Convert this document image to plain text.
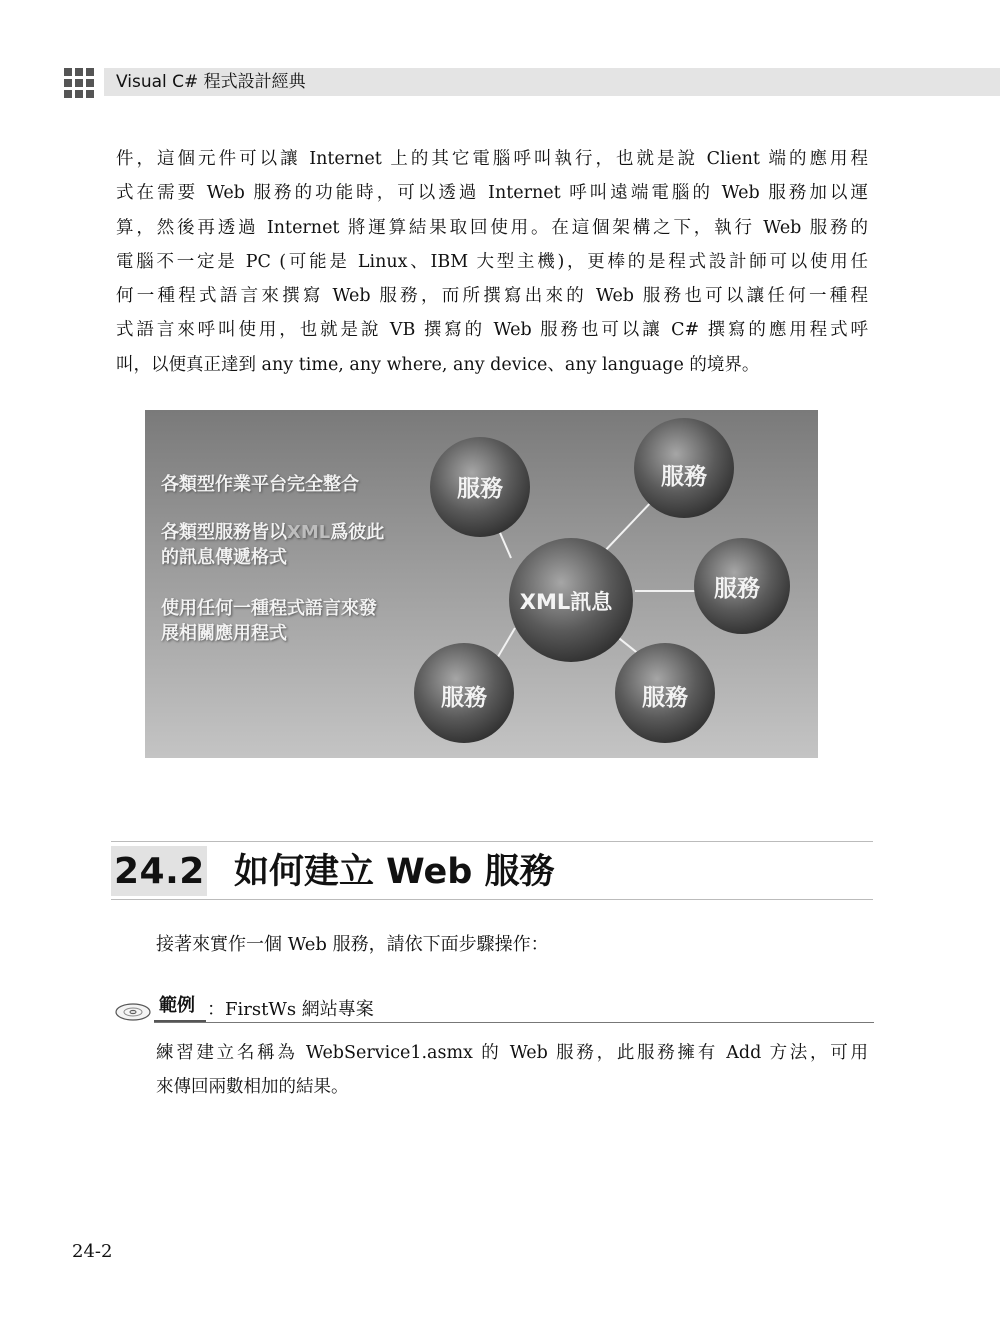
Visual C# 程式設計經典
件，這個元件可以讓 Internet 上的其它電腦呼叫執行，也就是說 Client 端的應用程
式在需要 Web 服務的功能時，可以透過 Internet 呼叫遠端電腦的 Web 服務加以運
算，然後再透過 Internet 將運算結果取回使用。在這個架構之下，執行 Web 服務的
電腦不一定是 PC (可能是 Linux、IBM 大型主機)，更棒的是程式設計師可以使用任
何一種程式語言來撰寫 Web 服務，而所撰寫出來的 Web 服務也可以讓任何一種程
式語言來呼叫使用，也就是說 VB 撰寫的 Web 服務也可以讓 C# 撰寫的應用程式呼
叫，以便真正達到 any time, any where, any device、any language 的境界。
服務	服務
服務
服務	服務
XML訊息
各類型作業平台完全整合
各類型服務皆以XML爲彼此
的訊息傳遞格式
使用任何一種程式語言來發
展相關應用程式
24.2 如何建立 Web 服務
接著來實作一個 Web 服務，請依下面步驟操作：
範例 ：FirstWs 網站專案
練習建立名稱為 WebService1.asmx 的 Web 服務，此服務擁有 Add 方法，可用
來傳回兩數相加的結果。
24-2
